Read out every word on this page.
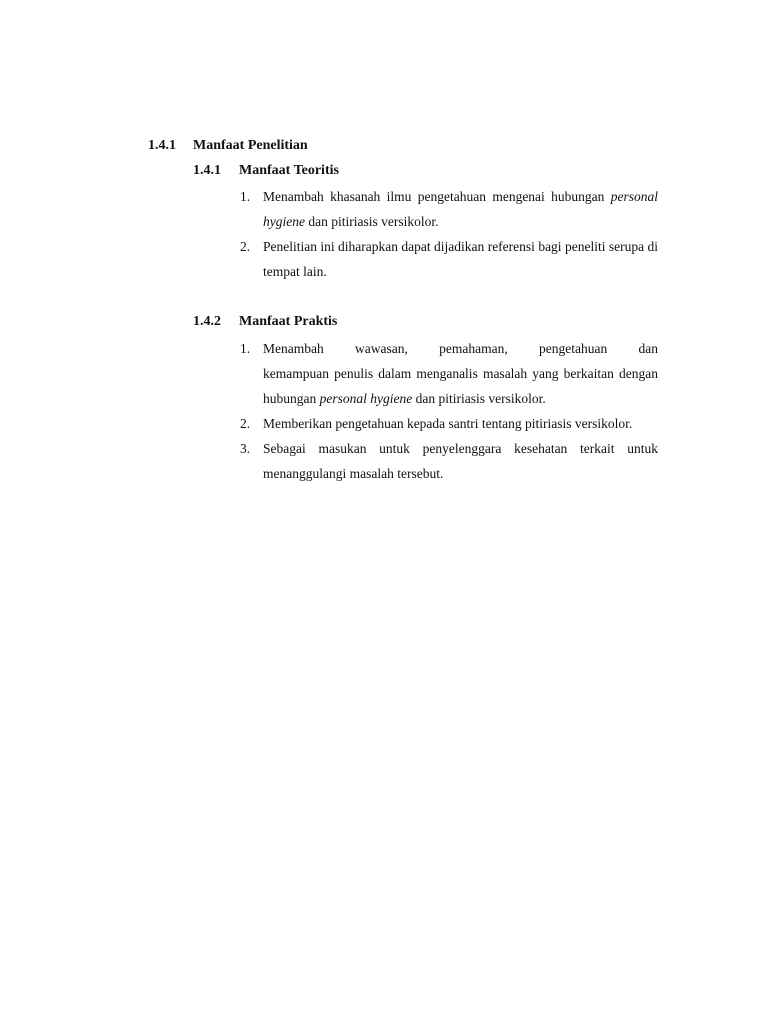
1.4.1 Manfaat Penelitian
1.4.1 Manfaat Teoritis
1. Menambah khasanah ilmu pengetahuan mengenai hubungan personal hygiene dan pitiriasis versikolor.
2. Penelitian ini diharapkan dapat dijadikan referensi bagi peneliti serupa di tempat lain.
1.4.2 Manfaat Praktis
1. Menambah wawasan, pemahaman, pengetahuan dan
kemampuan penulis dalam menganalis masalah yang berkaitan dengan hubungan personal hygiene dan pitiriasis versikolor.
2. Memberikan pengetahuan kepada santri tentang pitiriasis versikolor.
3. Sebagai masukan untuk penyelenggara kesehatan terkait untuk menanggulangi masalah tersebut.
